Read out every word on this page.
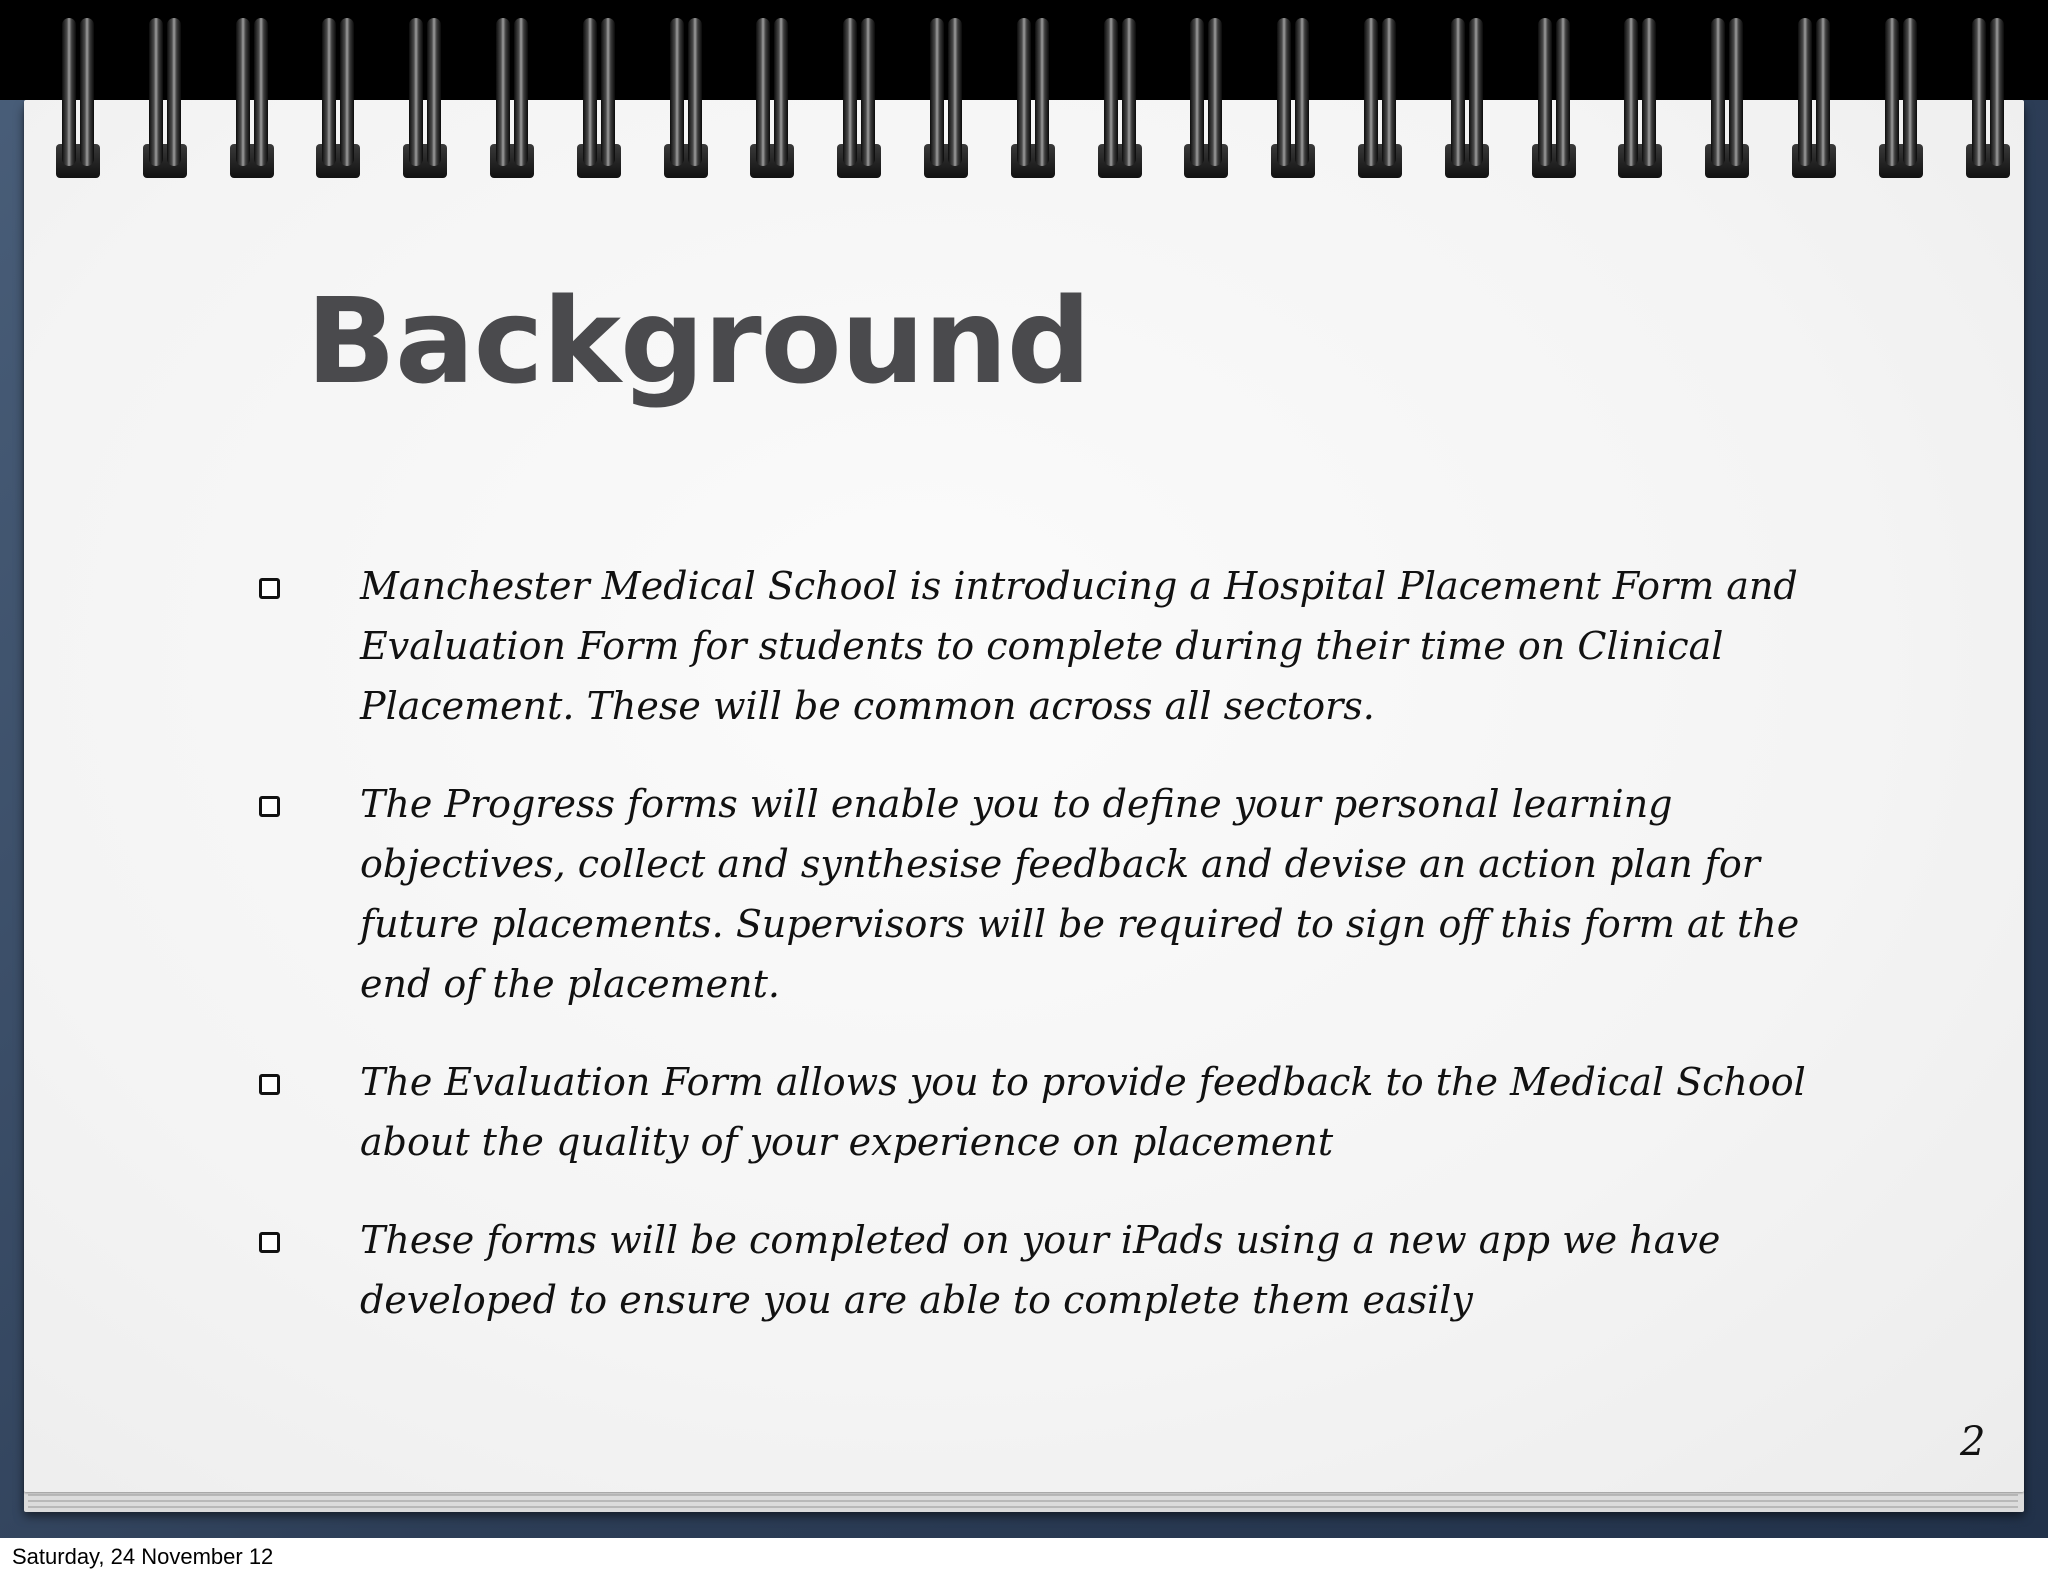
Background
Manchester Medical School is introducing a Hospital Placement Form and Evaluation Form for students to complete during their time on Clinical Placement. These will be common across all sectors.
The Progress forms will enable you to define your personal learning objectives, collect and synthesise feedback and devise an action plan for future placements. Supervisors will be required to sign off this form at the end of the placement.
The Evaluation Form allows you to provide feedback to the Medical School about the quality of your experience on placement
These forms will be completed on your iPads using a new app we have developed to ensure you are able to complete them easily
2
Saturday, 24 November 12
